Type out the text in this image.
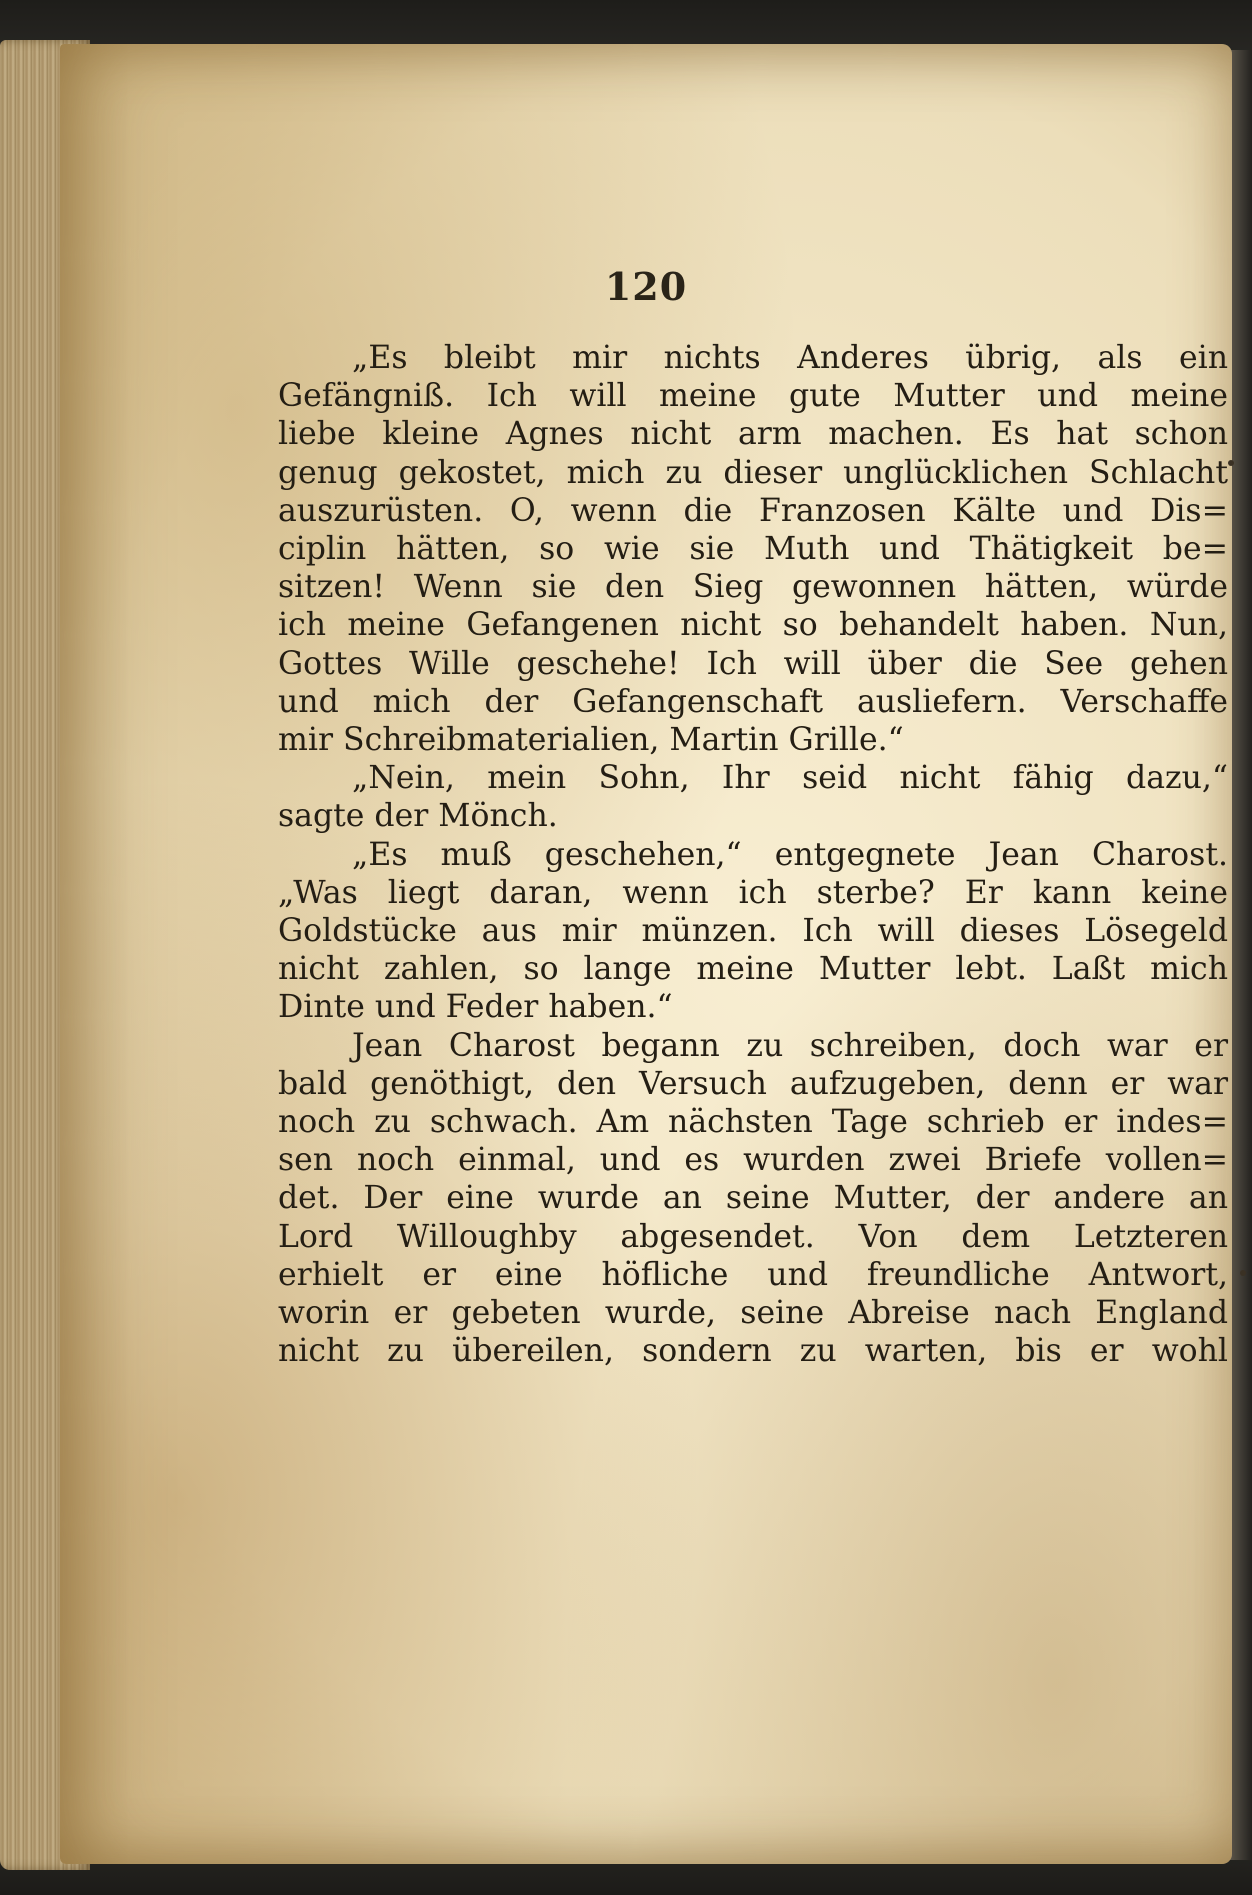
120
„Es bleibt mir nichts Anderes übrig, als ein
Gefängniß. Ich will meine gute Mutter und meine
liebe kleine Agnes nicht arm machen. Es hat schon
genug gekostet, mich zu dieser unglücklichen Schlacht
auszurüsten. O, wenn die Franzosen Kälte und Dis=
ciplin hätten, so wie sie Muth und Thätigkeit be=
sitzen! Wenn sie den Sieg gewonnen hätten, würde
ich meine Gefangenen nicht so behandelt haben. Nun,
Gottes Wille geschehe! Ich will über die See gehen
und mich der Gefangenschaft ausliefern. Verschaffe
mir Schreibmaterialien, Martin Grille.“
„Nein, mein Sohn, Ihr seid nicht fähig dazu,“
sagte der Mönch.
„Es muß geschehen,“ entgegnete Jean Charost.
„Was liegt daran, wenn ich sterbe? Er kann keine
Goldstücke aus mir münzen. Ich will dieses Lösegeld
nicht zahlen, so lange meine Mutter lebt. Laßt mich
Dinte und Feder haben.“
Jean Charost begann zu schreiben, doch war er
bald genöthigt, den Versuch aufzugeben, denn er war
noch zu schwach. Am nächsten Tage schrieb er indes=
sen noch einmal, und es wurden zwei Briefe vollen=
det. Der eine wurde an seine Mutter, der andere an
Lord Willoughby abgesendet. Von dem Letzteren
erhielt er eine höfliche und freundliche Antwort,
worin er gebeten wurde, seine Abreise nach England
nicht zu übereilen, sondern zu warten, bis er wohl
